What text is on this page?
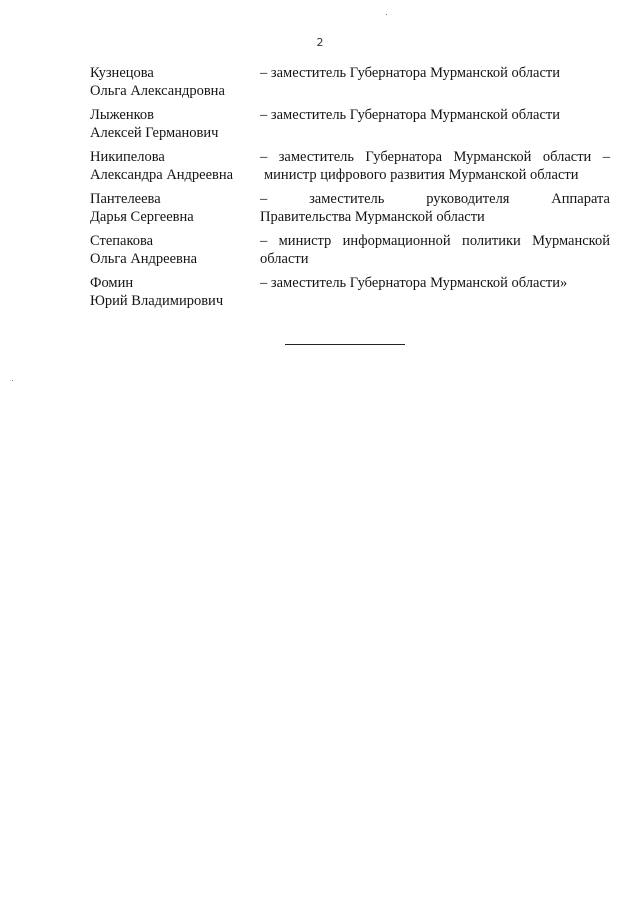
2
Кузнецова
Ольга Александровна
– заместитель Губернатора Мурманской области
Лыженков
Алексей Германович
– заместитель Губернатора Мурманской области
Никипелова
Александра Андреевна
– заместитель Губернатора Мурманской области –
министр цифрового развития Мурманской области
Пантелеева
Дарья Сергеевна
– заместитель руководителя Аппарата
Правительства Мурманской области
Степакова
Ольга Андреевна
– министр информационной политики Мурманской
области
Фомин
Юрий Владимирович
– заместитель Губернатора Мурманской области»
